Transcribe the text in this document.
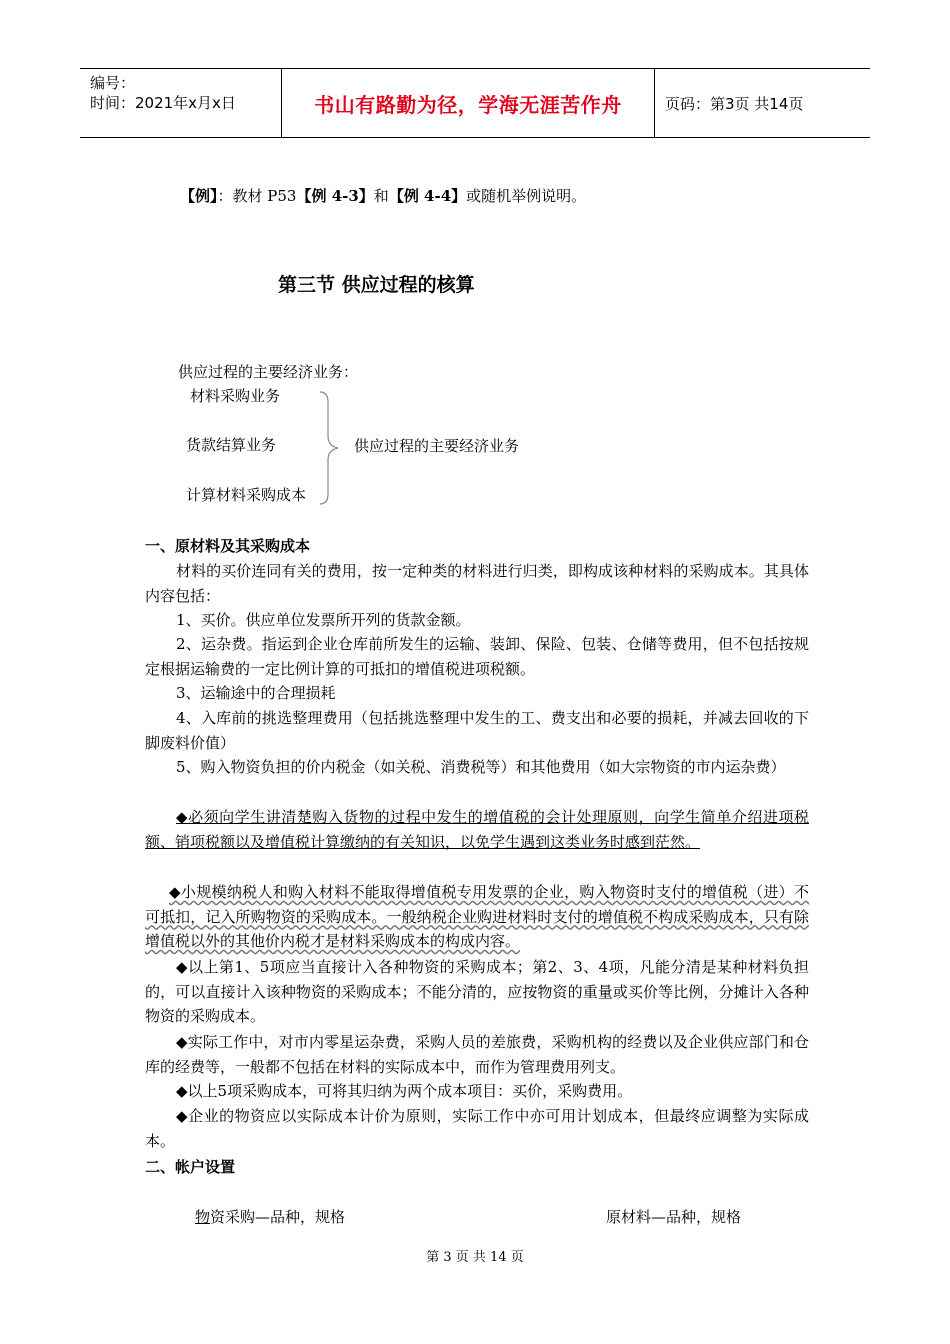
编号：
时间：2021年x月x日	书山有路勤为径，学海无涯苦作舟	页码：第3页 共14页
【例】：教材 P53【例 4-3】和【例 4-4】或随机举例说明。
第三节 供应过程的核算
供应过程的主要经济业务：
材料采购业务
货款结算业务
计算材料采购成本
供应过程的主要经济业务
一、原材料及其采购成本
材料的买价连同有关的费用，按一定种类的材料进行归类，即构成该种材料的采购成本。其具体内容包括：
1、买价。供应单位发票所开列的货款金额。
2、运杂费。指运到企业仓库前所发生的运输、装卸、保险、包装、仓储等费用，但不包括按规定根据运输费的一定比例计算的可抵扣的增值税进项税额。
3、运输途中的合理损耗
4、入库前的挑选整理费用（包括挑选整理中发生的工、费支出和必要的损耗，并减去回收的下脚废料价值）
5、购入物资负担的价内税金（如关税、消费税等）和其他费用（如大宗物资的市内运杂费）
◆必须向学生讲清楚购入货物的过程中发生的增值税的会计处理原则，向学生简单介绍进项税额、销项税额以及增值税计算缴纳的有关知识，以免学生遇到这类业务时感到茫然。
◆小规模纳税人和购入材料不能取得增值税专用发票的企业，购入物资时支付的增值税（进）不可抵扣，记入所购物资的采购成本。一般纳税企业购进材料时支付的增值税不构成采购成本，只有除增值税以外的其他价内税才是材料采购成本的构成内容。
◆以上第1、5项应当直接计入各种物资的采购成本；第2、3、4项，凡能分清是某种材料负担的，可以直接计入该种物资的采购成本；不能分清的，应按物资的重量或买价等比例，分摊计入各种物资的采购成本。
◆实际工作中，对市内零星运杂费，采购人员的差旅费，采购机构的经费以及企业供应部门和仓库的经费等，一般都不包括在材料的实际成本中，而作为管理费用列支。
◆以上5项采购成本，可将其归纳为两个成本项目：买价，采购费用。
◆企业的物资应以实际成本计价为原则，实际工作中亦可用计划成本，但最终应调整为实际成本。
二、帐户设置
物资采购—品种，规格	原材料—品种，规格
第 3 页 共 14 页
